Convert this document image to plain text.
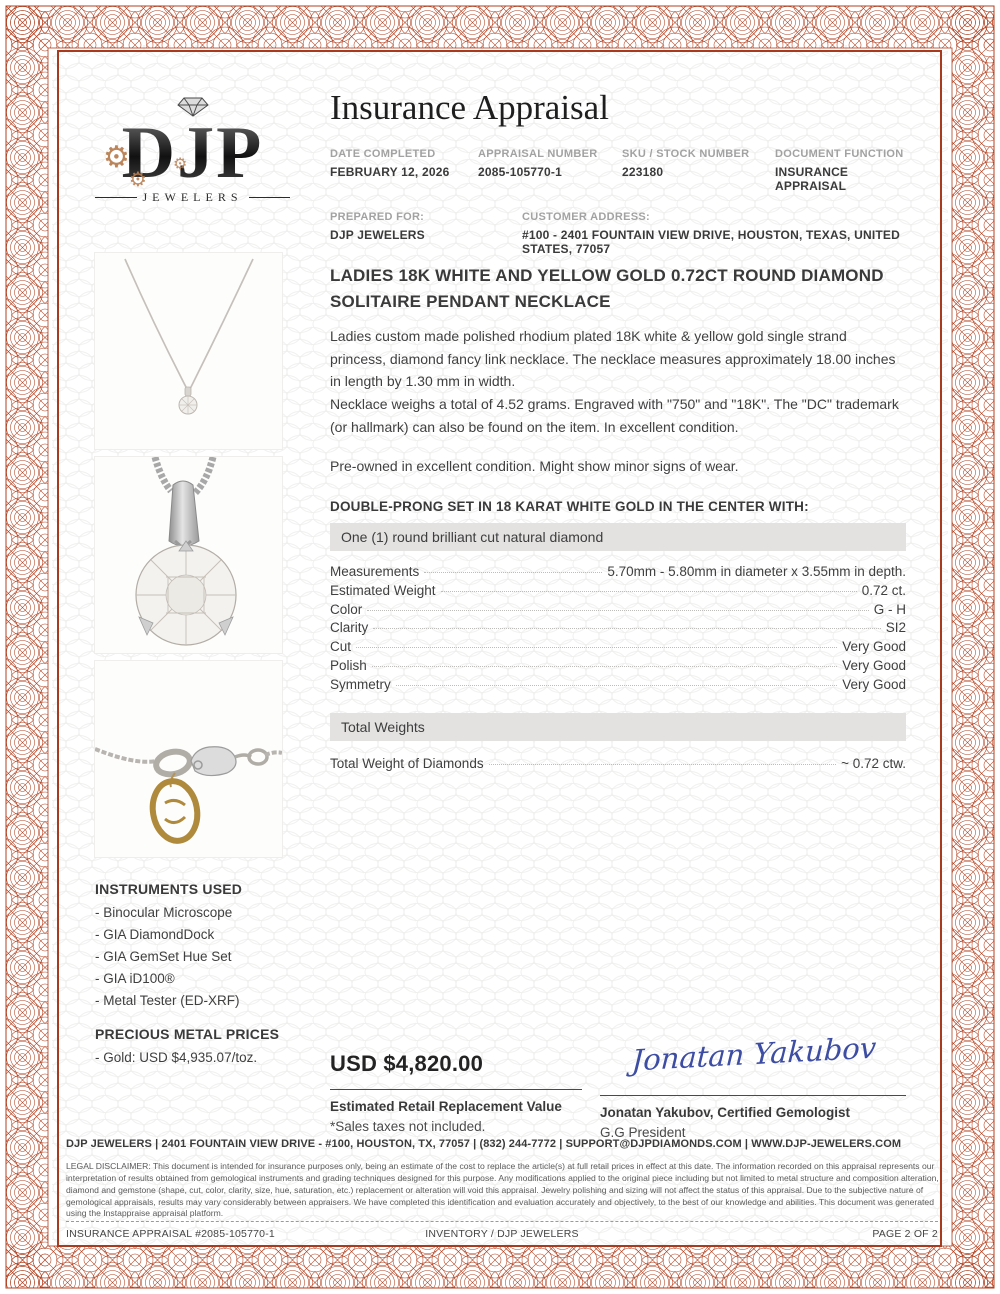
DJP
⚙
⚙
⚙
JEWELERS
Insurance Appraisal
DATE COMPLETED
FEBRUARY 12, 2026
APPRAISAL NUMBER
2085-105770-1
SKU / STOCK NUMBER
223180
DOCUMENT FUNCTION
INSURANCE APPRAISAL
PREPARED FOR:
DJP JEWELERS
CUSTOMER ADDRESS:
#100 - 2401 FOUNTAIN VIEW DRIVE, HOUSTON, TEXAS, UNITED STATES, 77057
INSTRUMENTS USED
- Binocular Microscope
- GIA DiamondDock
- GIA GemSet Hue Set
- GIA iD100®
- Metal Tester (ED-XRF)
PRECIOUS METAL PRICES
- Gold: USD $4,935.07/toz.
LADIES 18K WHITE AND YELLOW GOLD 0.72CT ROUND DIAMOND SOLITAIRE PENDANT NECKLACE

Ladies custom made polished rhodium plated 18K white & yellow gold single strand princess, diamond fancy link necklace. The necklace measures approximately 18.00 inches in length by 1.30 mm in width.

Necklace weighs a total of 4.52 grams. Engraved with "750" and "18K". The "DC" trademark (or hallmark) can also be found on the item. In excellent condition.

Pre-owned in excellent condition. Might show minor signs of wear.

DOUBLE-PRONG SET IN 18 KARAT WHITE GOLD IN THE CENTER WITH:
One (1) round brilliant cut natural diamond
Measurements	5.70mm - 5.80mm in diameter x 3.55mm in depth.
Estimated Weight	0.72 ct.
Color	G - H
Clarity	SI2
Cut	Very Good
Polish	Very Good
Symmetry	Very Good
Total Weights
Total Weight of Diamonds	~ 0.72 ctw.
USD $4,820.00
Estimated Retail Replacement Value
*Sales taxes not included.
Jonatan Yakubov
Jonatan Yakubov, Certified Gemologist
G.G President
DJP JEWELERS | 2401 FOUNTAIN VIEW DRIVE - #100, HOUSTON, TX, 77057 | (832) 244-7772 | SUPPORT@DJPDIAMONDS.COM | WWW.DJP-JEWELERS.COM
LEGAL DISCLAIMER: This document is intended for insurance purposes only, being an estimate of the cost to replace the article(s) at full retail prices in effect at this date. The information recorded on this appraisal represents our interpretation of results obtained from gemological instruments and grading techniques designed for this purpose. Any modifications applied to the original piece including but not limited to metal structure and composition alteration, diamond and gemstone (shape, cut, color, clarity, size, hue, saturation, etc.) replacement or alteration will void this appraisal. Jewelry polishing and sizing will not affect the status of this appraisal. Due to the subjective nature of gemological appraisals, results may vary considerably between appraisers. We have completed this identification and evaluation accurately and objectively, to the best of our knowledge and abilities. This document was generated using the Instappraise appraisal platform.
INSURANCE APPRAISAL #2085-105770-1	INVENTORY / DJP JEWELERS	PAGE 2 OF 2
